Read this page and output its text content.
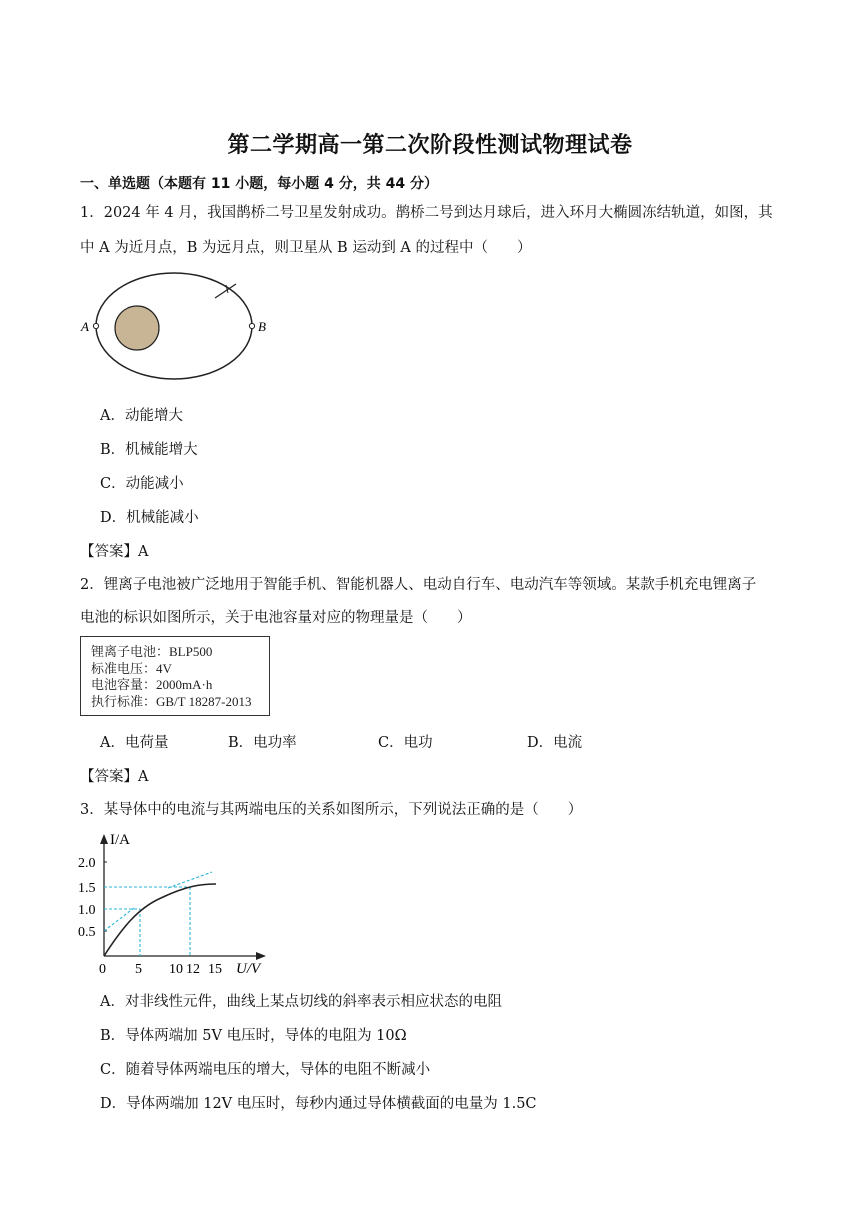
第二学期高一第二次阶段性测试物理试卷
一、单选题（本题有 11 小题，每小题 4 分，共 44 分）
1．2024 年 4 月，我国鹊桥二号卫星发射成功。鹊桥二号到达月球后，进入环月大椭圆冻结轨道，如图，其
中 A 为近月点，B 为远月点，则卫星从 B 运动到 A 的过程中（　　）
A	B
A．动能增大
B．机械能增大
C．动能减小
D．机械能减小
【答案】A
2．锂离子电池被广泛地用于智能手机、智能机器人、电动自行车、电动汽车等领域。某款手机充电锂离子
电池的标识如图所示，关于电池容量对应的物理量是（　　）
锂离子电池：BLP500
标准电压：4V
电池容量：2000mA·h
执行标准：GB/T 18287-2013
A．电荷量	B．电功率	C．电功	D．电流
【答案】A
3．某导体中的电流与其两端电压的关系如图所示，下列说法正确的是（　　）
I/A
2.0
1.5
1.0
0.5
0 5 10 12 15 U/V
A．对非线性元件，曲线上某点切线的斜率表示相应状态的电阻
B．导体两端加 5V 电压时，导体的电阻为 10Ω
C．随着导体两端电压的增大，导体的电阻不断减小
D．导体两端加 12V 电压时，每秒内通过导体横截面的电量为 1.5C
